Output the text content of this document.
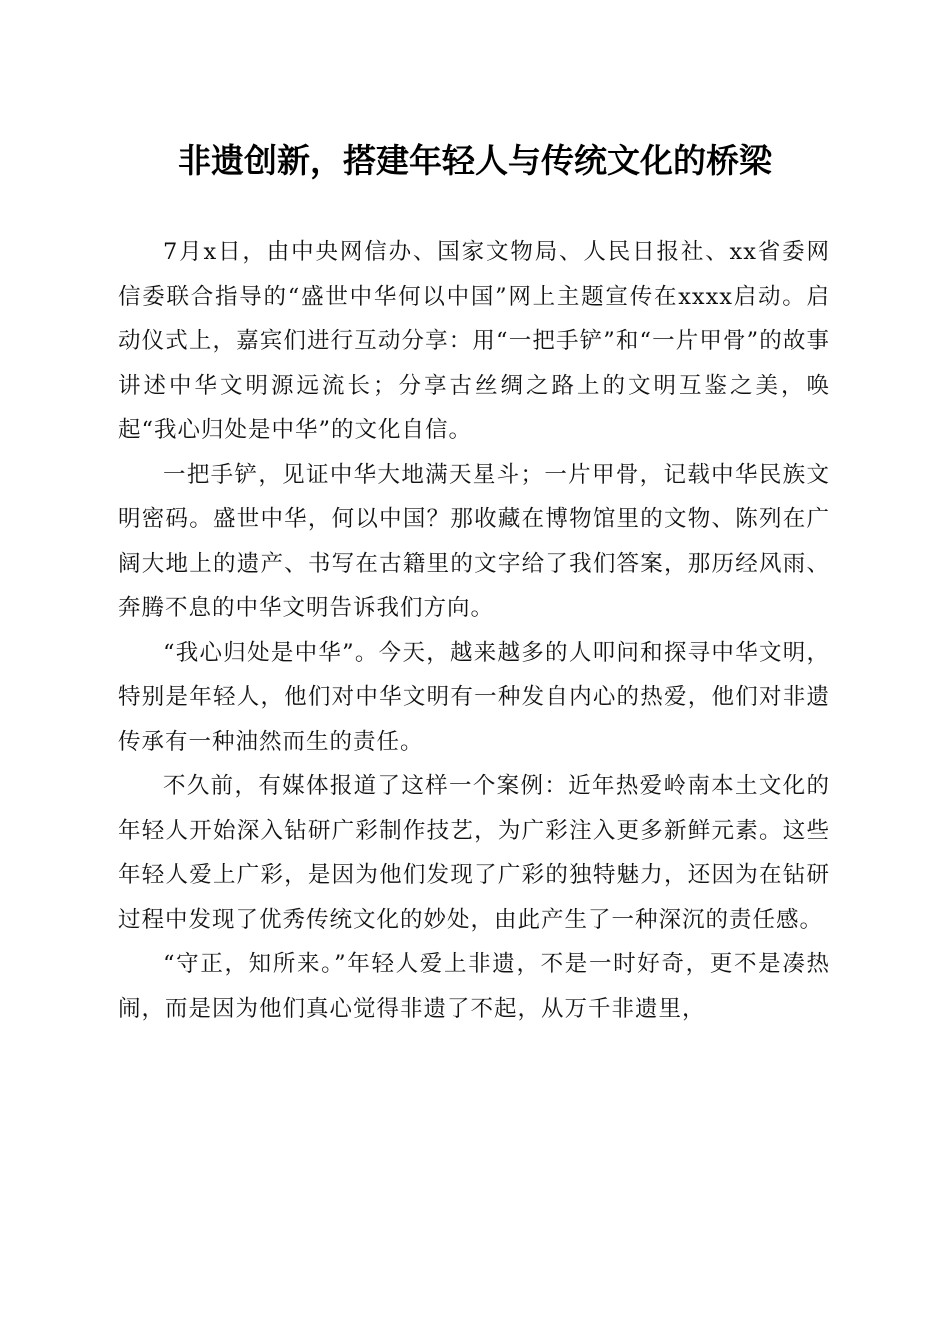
非遗创新，搭建年轻人与传统文化的桥梁

7月x日，由中央网信办、国家文物局、人民日报社、xx省委网信委联合指导的“盛世中华何以中国”网上主题宣传在xxxx启动。启动仪式上，嘉宾们进行互动分享：用“一把手铲”和“一片甲骨”的故事讲述中华文明源远流长；分享古丝绸之路上的文明互鉴之美，唤起“我心归处是中华”的文化自信。

一把手铲，见证中华大地满天星斗；一片甲骨，记载中华民族文明密码。盛世中华，何以中国？那收藏在博物馆里的文物、陈列在广阔大地上的遗产、书写在古籍里的文字给了我们答案，那历经风雨、奔腾不息的中华文明告诉我们方向。

“我心归处是中华”。今天，越来越多的人叩问和探寻中华文明，特别是年轻人，他们对中华文明有一种发自内心的热爱，他们对非遗传承有一种油然而生的责任。

不久前，有媒体报道了这样一个案例：近年热爱岭南本土文化的年轻人开始深入钻研广彩制作技艺，为广彩注入更多新鲜元素。这些年轻人爱上广彩，是因为他们发现了广彩的独特魅力，还因为在钻研过程中发现了优秀传统文化的妙处，由此产生了一种深沉的责任感。

“守正，知所来。”年轻人爱上非遗，不是一时好奇，更不是凑热闹，而是因为他们真心觉得非遗了不起，从万千非遗里，
